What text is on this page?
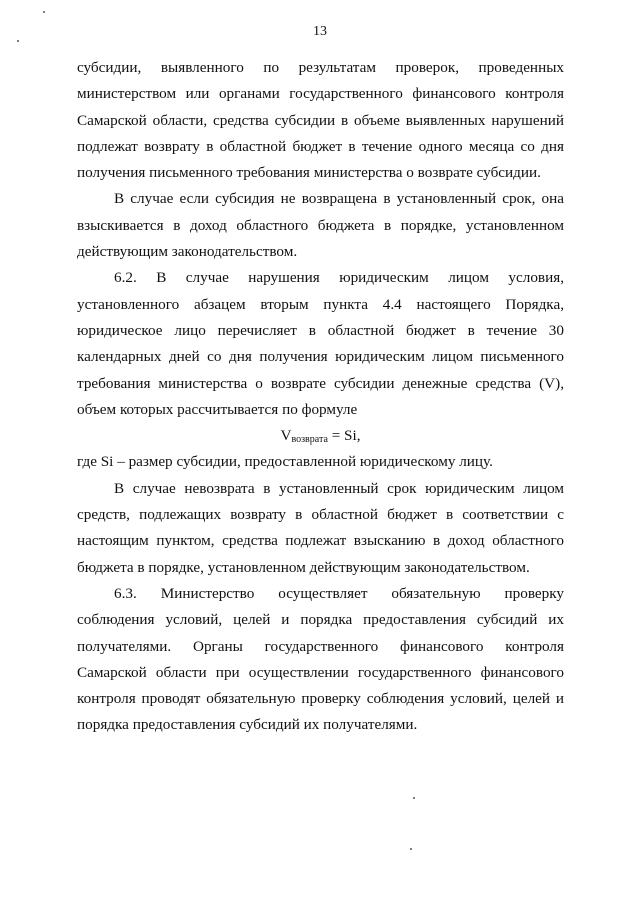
13

субсидии, выявленного по результатам проверок, проведенных министерством или органами государственного финансового контроля Самарской области, средства субсидии в объеме выявленных нарушений подлежат возврату в областной бюджет в течение одного месяца со дня получения письменного требования министерства о возврате субсидии.

В случае если субсидия не возвращена в установленный срок, она взыскивается в доход областного бюджета в порядке, установленном действующим законодательством.

6.2. В случае нарушения юридическим лицом условия, установленного абзацем вторым пункта 4.4 настоящего Порядка, юридическое лицо перечисляет в областной бюджет в течение 30 календарных дней со дня получения юридическим лицом письменного требования министерства о возврате субсидии денежные средства (V), объем которых рассчитывается по формуле

$V_{возврата} = Si$,

где Si – размер субсидии, предоставленной юридическому лицу.

В случае невозврата в установленный срок юридическим лицом средств, подлежащих возврату в областной бюджет в соответствии с настоящим пунктом, средства подлежат взысканию в доход областного бюджета в порядке, установленном действующим законодательством.

6.3. Министерство осуществляет обязательную проверку соблюдения условий, целей и порядка предоставления субсидий их получателями. Органы государственного финансового контроля Самарской области при осуществлении государственного финансового контроля проводят обязательную проверку соблюдения условий, целей и порядка предоставления субсидий их получателями.
